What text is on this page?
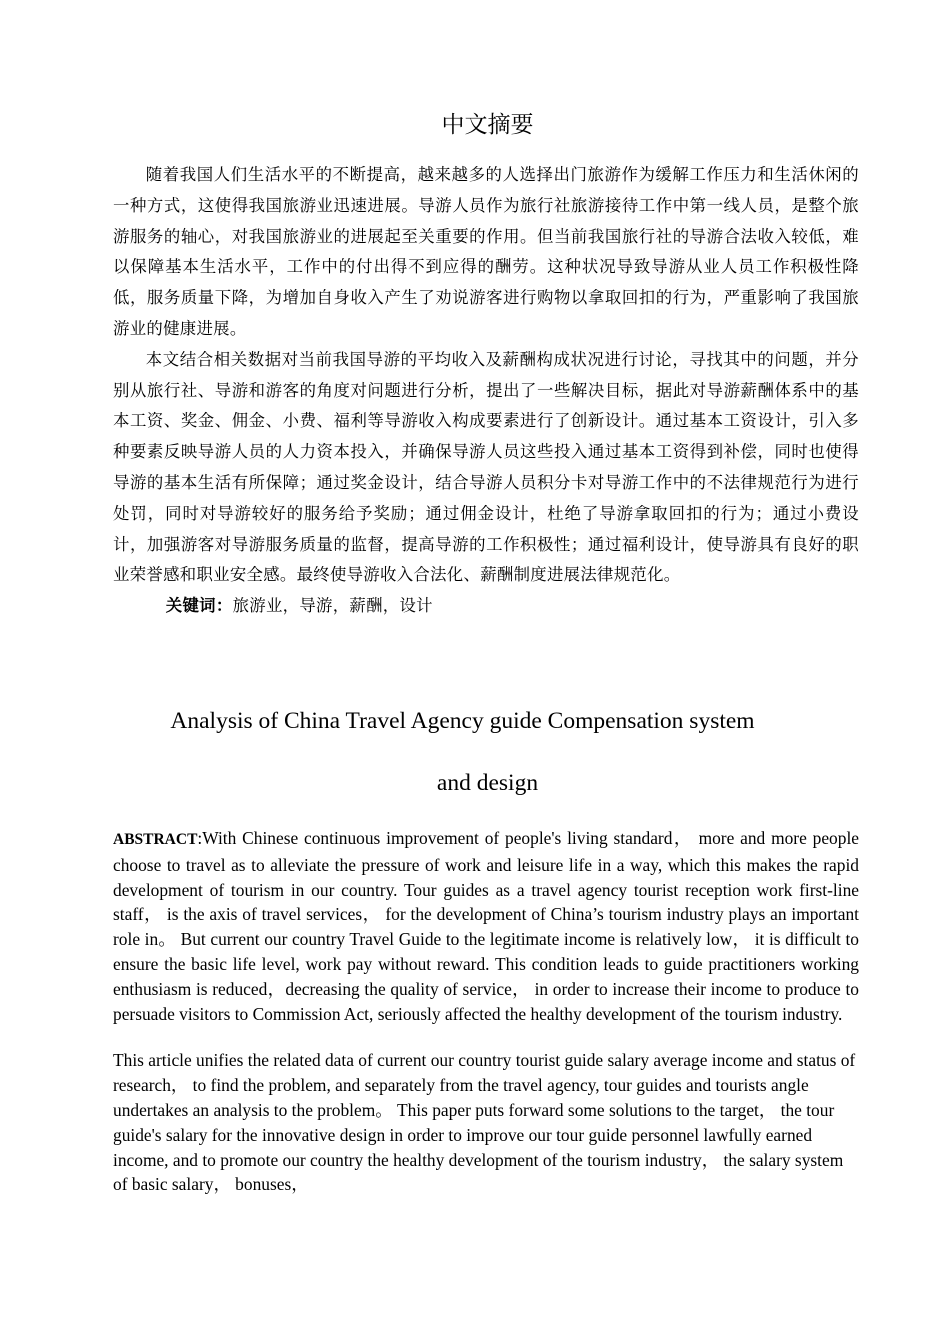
中文摘要

随着我国人们生活水平的不断提高，越来越多的人选择出门旅游作为缓解工作压力和生活休闲的一种方式，这使得我国旅游业迅速进展。导游人员作为旅行社旅游接待工作中第一线人员，是整个旅游服务的轴心，对我国旅游业的进展起至关重要的作用。但当前我国旅行社的导游合法收入较低，难以保障基本生活水平，工作中的付出得不到应得的酬劳。这种状况导致导游从业人员工作积极性降低，服务质量下降，为增加自身收入产生了劝说游客进行购物以拿取回扣的行为，严重影响了我国旅游业的健康进展。

本文结合相关数据对当前我国导游的平均收入及薪酬构成状况进行讨论，寻找其中的问题，并分别从旅行社、导游和游客的角度对问题进行分析，提出了一些解决目标，据此对导游薪酬体系中的基本工资、奖金、佣金、小费、福利等导游收入构成要素进行了创新设计。通过基本工资设计，引入多种要素反映导游人员的人力资本投入，并确保导游人员这些投入通过基本工资得到补偿，同时也使得导游的基本生活有所保障；通过奖金设计，结合导游人员积分卡对导游工作中的不法律规范行为进行处罚，同时对导游较好的服务给予奖励；通过佣金设计，杜绝了导游拿取回扣的行为；通过小费设计，加强游客对导游服务质量的监督，提高导游的工作积极性；通过福利设计，使导游具有良好的职业荣誉感和职业安全感。最终使导游收入合法化、薪酬制度进展法律规范化。

关键词：旅游业，导游，薪酬，设计

Analysis of China Travel Agency guide Compensation system
and design

ABSTRACT:With Chinese continuous improvement of people's living standard， more and more people choose to travel as to alleviate the pressure of work and leisure life in a way, which this makes the rapid development of tourism in our country. Tour guides as a travel agency tourist reception work first-line staff， is the axis of travel services， for the development of China’s tourism industry plays an important role in。 But current our country Travel Guide to the legitimate income is relatively low， it is difficult to ensure the basic life level, work pay without reward. This condition leads to guide practitioners working enthusiasm is reduced，decreasing the quality of service， in order to increase their income to produce to persuade visitors to Commission Act, seriously affected the healthy development of the tourism industry.

This article unifies the related data of current our country tourist guide salary average income and status of research， to find the problem, and separately from the travel agency, tour guides and tourists angle undertakes an analysis to the problem。 This paper puts forward some solutions to the target， the tour guide's salary for the innovative design in order to improve our tour guide personnel lawfully earned income, and to promote our country the healthy development of the tourism industry， the salary system of basic salary， bonuses，
